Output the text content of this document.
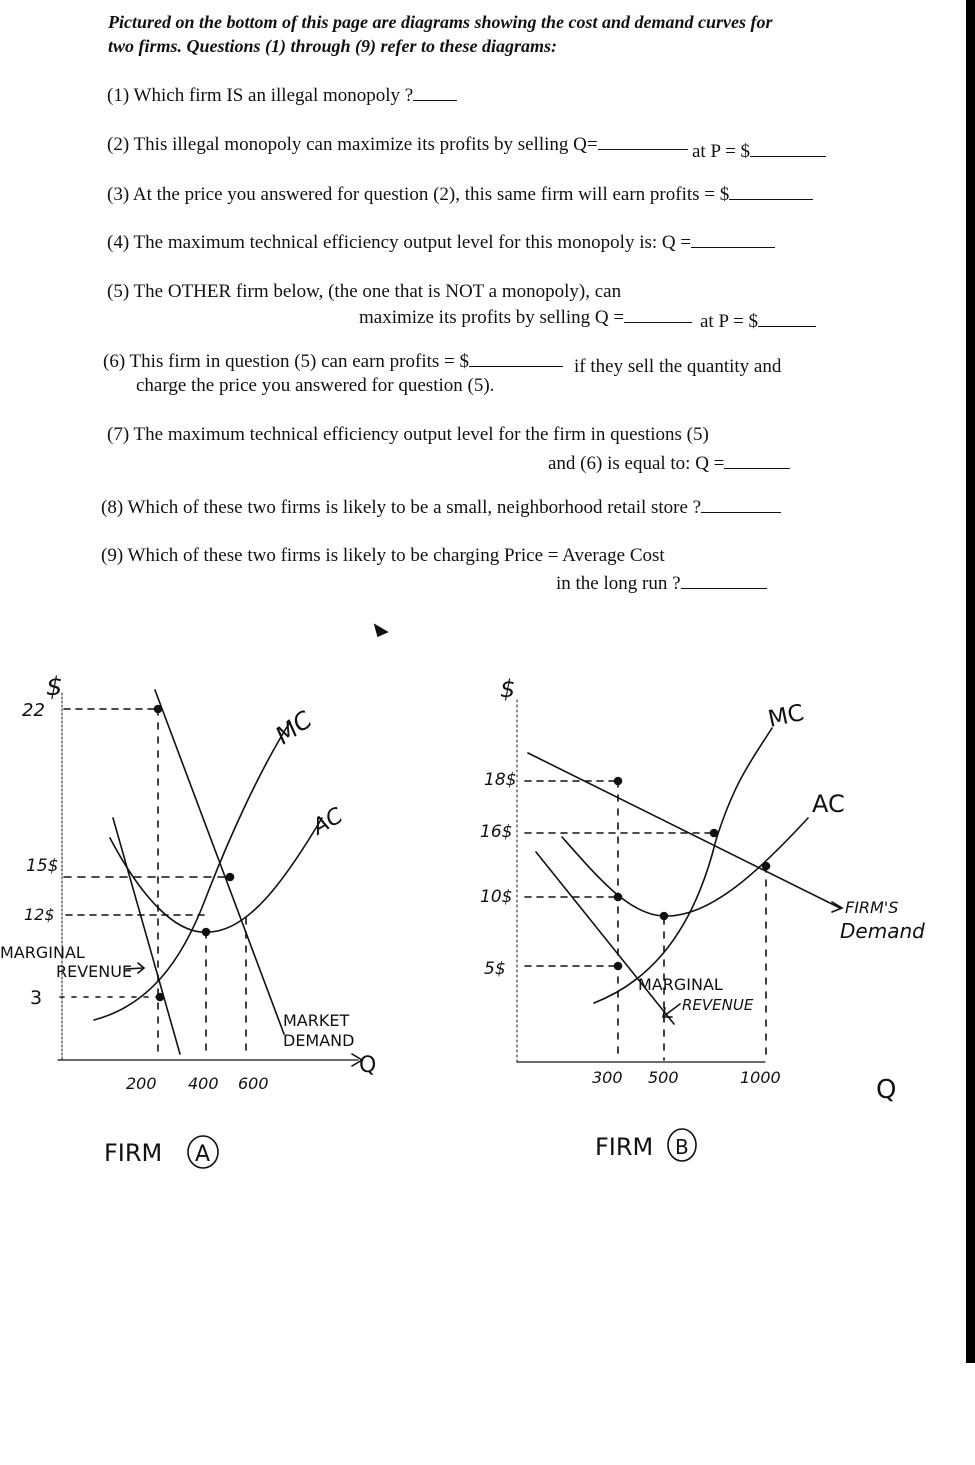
Pictured on the bottom of this page are diagrams showing the cost and demand curves for
two firms. Questions (1) through (9) refer to these diagrams:
(1) Which firm IS an illegal monopoly ?
(2) This illegal monopoly can maximize its profits by selling Q=	at P = $
(3) At the price you answered for question (2), this same firm will earn profits = $
(4) The maximum technical efficiency output level for this monopoly is: Q =
(5) The OTHER firm below, (the one that is NOT a monopoly), can
maximize its profits by selling Q =	at P = $
(6) This firm in question (5) can earn profits = $	if they sell the quantity and
charge the price you answered for question (5).
(7) The maximum technical efficiency output level for the firm in questions (5)
and (6) is equal to: Q =
(8) Which of these two firms is likely to be a small, neighborhood retail store ?
(9) Which of these two firms is likely to be charging Price = Average Cost
in the long run ?
$
22
15$
12$
3
MARGINAL
REVENUE
200 400 600
Q
MC
AC
MARKET
DEMAND
FIRM A
$
18$
16$
10$
5$
300 500	1000	Q
MC
AC
MARGINAL
REVENUE
FIRM'S
Demand
FIRM B
